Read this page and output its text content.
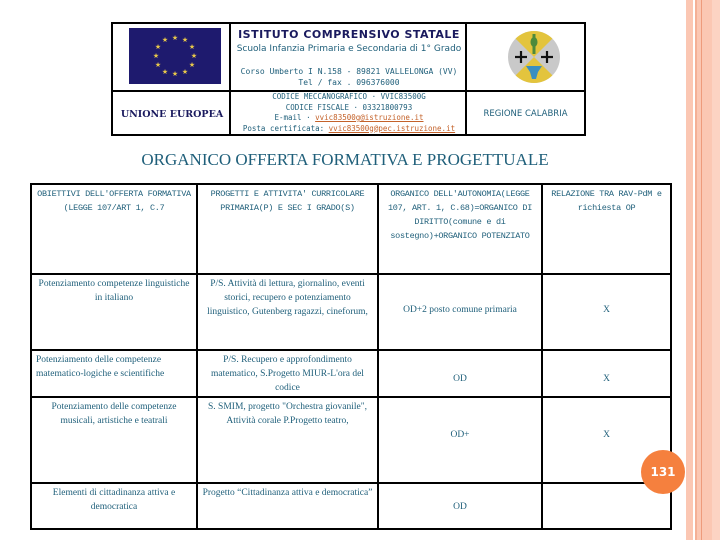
★ ★
★
★
★
★
★
★
★
★
★
★	ISTITUTO COMPRENSIVO STATALE
Scuola Infanzia Primaria e Secondaria di 1° Grado
Corso Umberto I N.158 - 89821 VALLELONGA (VV)
Tel / fax . 096376000
UNIONE EUROPEA
CODICE MECCANOGRAFICO · VVIC83500G
CODICE FISCALE · 03321800793
E-mail · vvic83500g@istruzione.it
Posta certificata: vvic83500g@pec.istruzione.it
REGIONE CALABRIA
ORGANICO OFFERTA FORMATIVA E PROGETTUALE
OBIETTIVI DELL'OFFERTA FORMATIVA (LEGGE 107/ART 1, C.7	PROGETTI E ATTIVITA' CURRICOLARE PRIMARIA(P) E SEC I GRADO(S)	ORGANICO DELL'AUTONOMIA(LEGGE 107, ART. 1, C.68)=ORGANICO DI DIRITTO(comune e di sostegno)+ORGANICO POTENZIATO	RELAZIONE TRA RAV-PdM e richiesta OP
Potenziamento competenze linguistiche in italiano	P/S. Attività di lettura, giornalino, eventi storici, recupero e potenziamento linguistico, Gutenberg ragazzi, cineforum,	OD+2 posto comune primaria	X
Potenziamento delle competenze matematico-logiche e scientifiche	P/S. Recupero e approfondimento matematico, S.Progetto MIUR-L'ora del codice	OD	X
Potenziamento delle competenze musicali, artistiche e teatrali	S. SMIM, progetto "Orchestra giovanile", Attività corale P.Progetto teatro,	OD+	X
Elementi di cittadinanza attiva e democratica	Progetto “Cittadinanza attiva e democratica”	OD	
131
